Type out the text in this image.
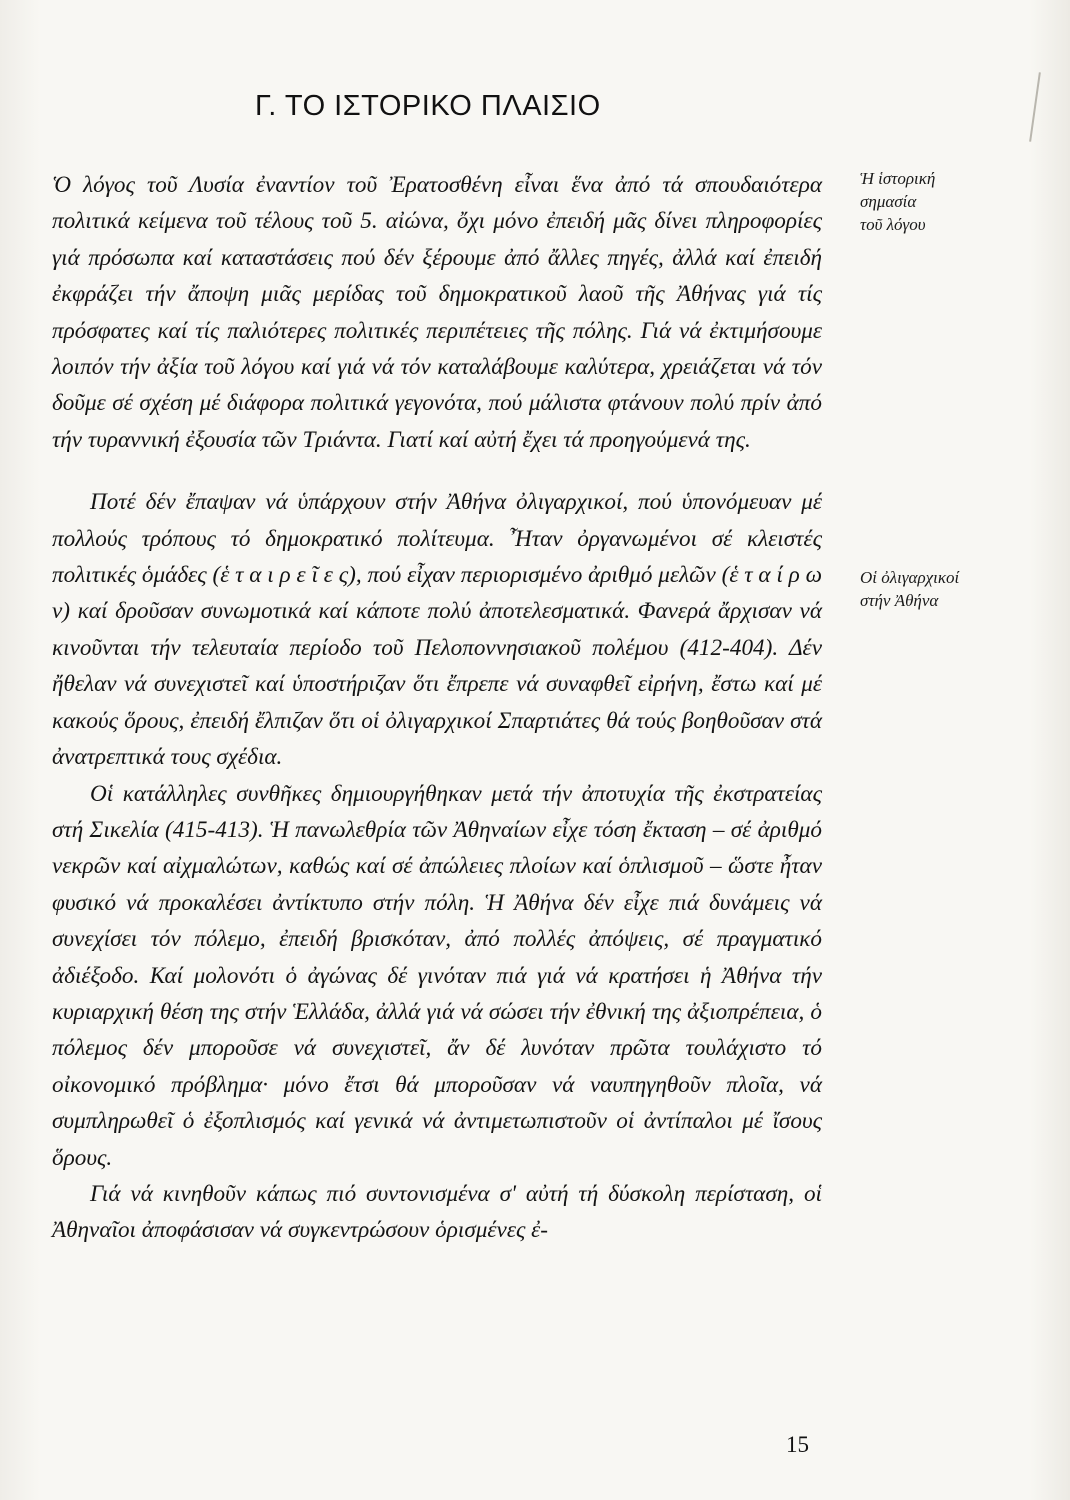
Γ. ΤΟ ΙΣΤΟΡΙΚΟ ΠΛΑΙΣΙΟ

Ὁ λόγος τοῦ Λυσία ἐναντίον τοῦ Ἐρατοσθένη εἶναι ἕνα ἀπό τά σπουδαιότερα πολιτικά κείμενα τοῦ τέλους τοῦ 5. αἰώνα, ὄχι μόνο ἐπειδή μᾶς δίνει πληροφορίες γιά πρόσωπα καί καταστάσεις πού δέν ξέρουμε ἀπό ἄλλες πηγές, ἀλλά καί ἐπειδή ἐκφράζει τήν ἄποψη μιᾶς μερίδας τοῦ δημοκρατικοῦ λαοῦ τῆς Ἀθήνας γιά τίς πρόσφατες καί τίς παλιότερες πολιτικές περιπέτειες τῆς πόλης. Γιά νά ἐκτιμήσουμε λοιπόν τήν ἀξία τοῦ λόγου καί γιά νά τόν καταλάβουμε καλύτερα, χρειάζεται νά τόν δοῦμε σέ σχέση μέ διάφορα πολιτικά γεγονότα, πού μάλιστα φτάνουν πολύ πρίν ἀπό τήν τυραννική ἐξουσία τῶν Τριάντα. Γιατί καί αὐτή ἔχει τά προηγούμενά της.

Ποτέ δέν ἔπαψαν νά ὑπάρχουν στήν Ἀθήνα ὀλιγαρχικοί, πού ὑπονόμευαν μέ πολλούς τρόπους τό δημοκρατικό πολίτευμα. Ἦταν ὀργανωμένοι σέ κλειστές πολιτικές ὁμάδες (ἑ τ α ι ρ ε ῖ ε ς), πού εἶχαν περιορισμένο ἀριθμό μελῶν (ἑ τ α ί ρ ω ν) καί δροῦσαν συνωμοτικά καί κάποτε πολύ ἀποτελεσματικά. Φανερά ἄρχισαν νά κινοῦνται τήν τελευταία περίοδο τοῦ Πελοποννησιακοῦ πολέμου (412-404). Δέν ἤθελαν νά συνεχιστεῖ καί ὑποστήριζαν ὅτι ἔπρεπε νά συναφθεῖ εἰρήνη, ἔστω καί μέ κακούς ὅρους, ἐπειδή ἔλπιζαν ὅτι οἱ ὀλιγαρχικοί Σπαρτιάτες θά τούς βοηθοῦσαν στά ἀνατρεπτικά τους σχέδια.

Οἱ κατάλληλες συνθῆκες δημιουργήθηκαν μετά τήν ἀποτυχία τῆς ἐκστρατείας στή Σικελία (415-413). Ἡ πανωλεθρία τῶν Ἀθηναίων εἶχε τόση ἔκταση – σέ ἀριθμό νεκρῶν καί αἰχμαλώτων, καθώς καί σέ ἀπώλειες πλοίων καί ὁπλισμοῦ – ὥστε ἦταν φυσικό νά προκαλέσει ἀντίκτυπο στήν πόλη. Ἡ Ἀθήνα δέν εἶχε πιά δυνάμεις νά συνεχίσει τόν πόλεμο, ἐπειδή βρισκόταν, ἀπό πολλές ἀπόψεις, σέ πραγματικό ἀδιέξοδο. Καί μολονότι ὁ ἀγώνας δέ γινόταν πιά γιά νά κρατήσει ἡ Ἀθήνα τήν κυριαρχική θέση της στήν Ἑλλάδα, ἀλλά γιά νά σώσει τήν ἐθνική της ἀξιοπρέπεια, ὁ πόλεμος δέν μποροῦσε νά συνεχιστεῖ, ἄν δέ λυνόταν πρῶτα τουλάχιστο τό οἰκονομικό πρόβλημα· μόνο ἔτσι θά μποροῦσαν νά ναυπηγηθοῦν πλοῖα, νά συμπληρωθεῖ ὁ ἐξοπλισμός καί γενικά νά ἀντιμετωπιστοῦν οἱ ἀντίπαλοι μέ ἴσους ὅρους.

Γιά νά κινηθοῦν κάπως πιό συντονισμένα σ' αὐτή τή δύσκολη περίσταση, οἱ Ἀθηναῖοι ἀποφάσισαν νά συγκεντρώσουν ὁρισμένες ἐ-

Ἡ ἱστορική
σημασία
τοῦ λόγου
Οἱ ὀλιγαρχικοί
στήν Ἀθήνα
15
